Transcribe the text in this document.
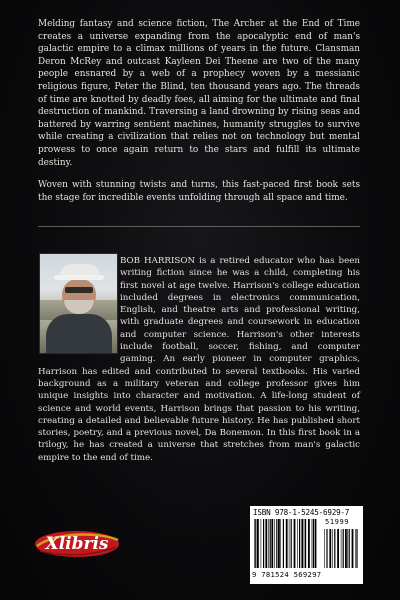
Melding fantasy and science fiction, The Archer at the End of Time creates a universe expanding from the apocalyptic end of man's galactic empire to a climax millions of years in the future. Clansman Deron McRey and outcast Kayleen Dei Theene are two of the many people ensnared by a web of a prophecy woven by a messianic religious figure, Peter the Blind, ten thousand years ago. The threads of time are knotted by deadly foes, all aiming for the ultimate and final destruction of mankind. Traversing a land drowning by rising seas and battered by warring sentient machines, humanity struggles to survive while creating a civilization that relies not on technology but mental prowess to once again return to the stars and fulfill its ultimate destiny.

Woven with stunning twists and turns, this fast-paced first book sets the stage for incredible events unfolding through all space and time.

BOB HARRISON is a retired educator who has been writing fiction since he was a child, completing his first novel at age twelve. Harrison's college education included degrees in electronics communication, English, and theatre arts and professional writing, with graduate degrees and coursework in education and computer science. Harrison's other interests include football, soccer, fishing, and computer gaming. An early pioneer in computer graphics, Harrison has edited and contributed to several textbooks. His varied background as a military veteran and college professor gives him unique insights into character and motivation. A life-long student of science and world events, Harrison brings that passion to his writing, creating a detailed and believable future history. He has published short stories, poetry, and a previous novel, Da Bonemon. In this first book in a trilogy, he has created a universe that stretches from man's galactic empire to the end of time.

Xlibris
ISBN 978-1-5245-6929-7
51999
9 781524 569297
